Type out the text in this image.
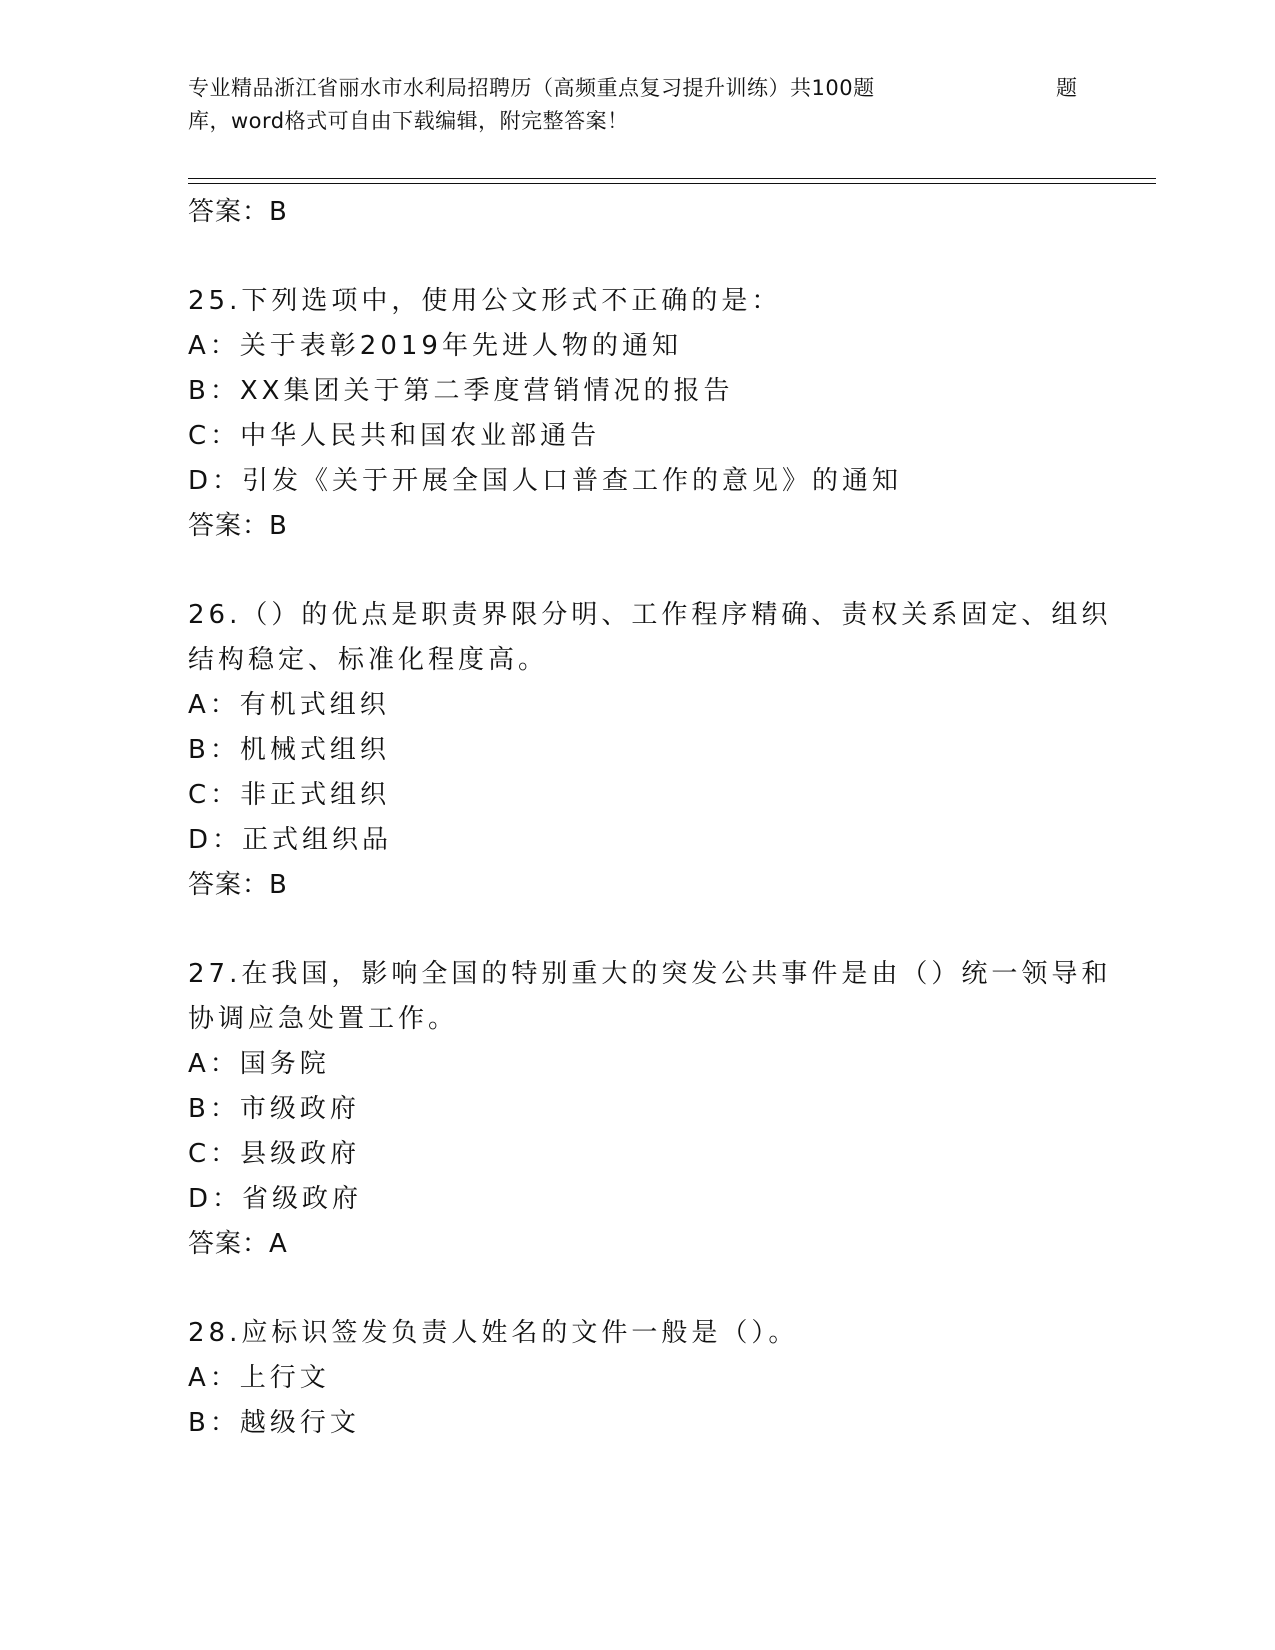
专业精品浙江省丽水市水利局招聘历（高频重点复习提升训练）共100题	题
库，word格式可自由下载编辑，附完整答案！
答案：B
25.下列选项中，使用公文形式不正确的是：
A：关于表彰2019年先进人物的通知
B：XX集团关于第二季度营销情况的报告
C：中华人民共和国农业部通告
D：引发《关于开展全国人口普查工作的意见》的通知
答案：B
26.（）的优点是职责界限分明、工作程序精确、责权关系固定、组织
结构稳定、标准化程度高。
A：有机式组织
B：机械式组织
C：非正式组织
D：正式组织品
答案：B
27.在我国，影响全国的特别重大的突发公共事件是由（）统一领导和
协调应急处置工作。
A：国务院
B：市级政府
C：县级政府
D：省级政府
答案：A
28.应标识签发负责人姓名的文件一般是（）。
A：上行文
B：越级行文
